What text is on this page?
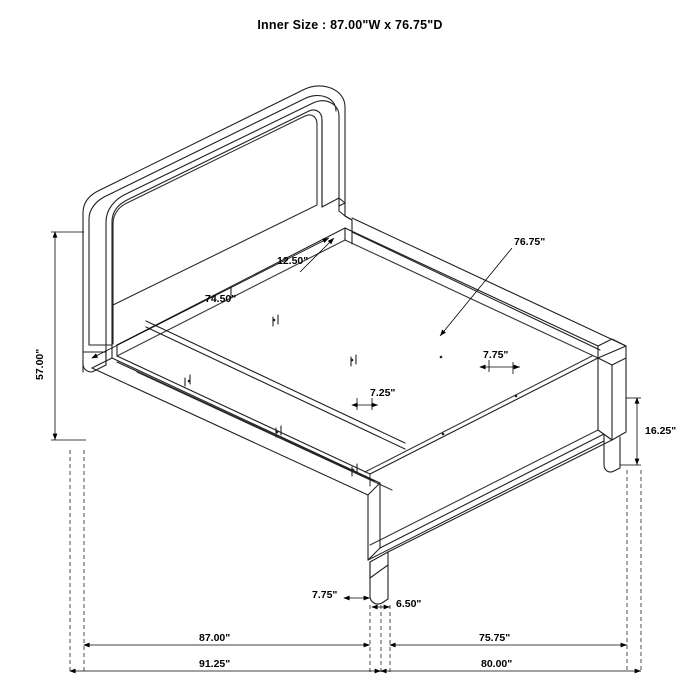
Inner Size : 87.00"W x 76.75"D
57.00"
74.50"
12.50"
76.75"
7.75"
7.25"
16.25"
7.75"
6.50"
87.00"	75.75"
91.25"	80.00"
